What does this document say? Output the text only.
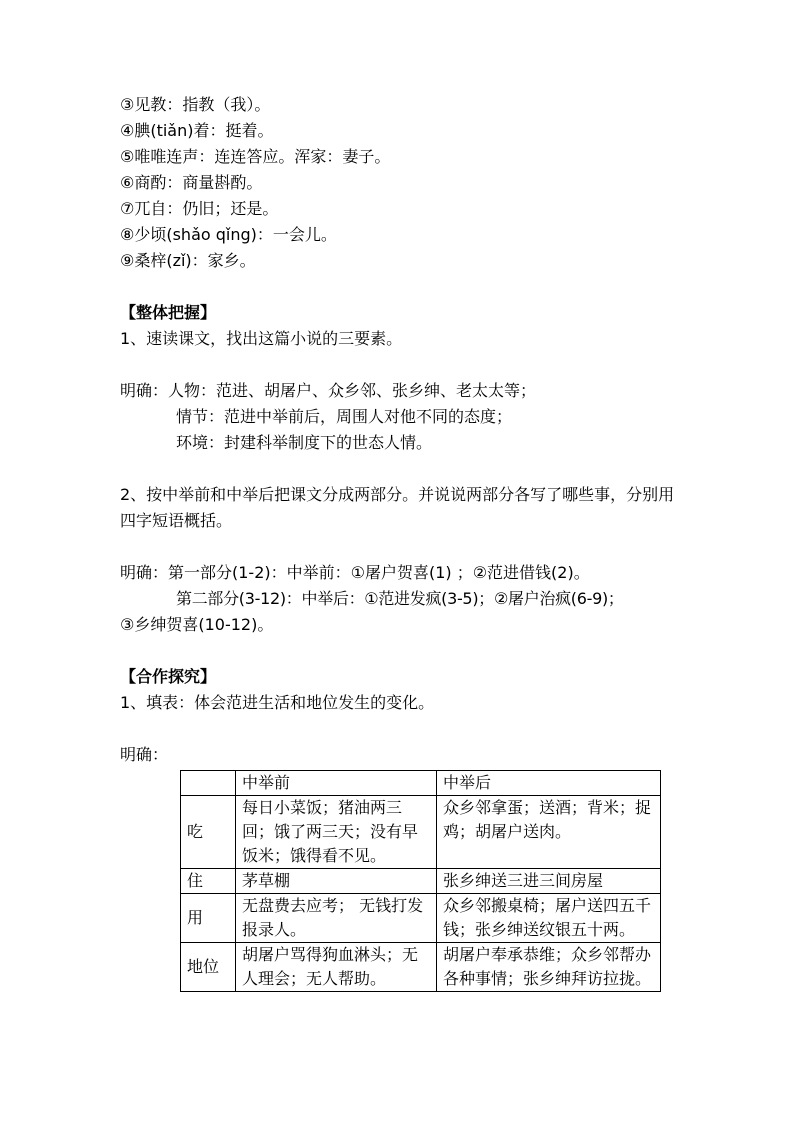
③见教：指教（我）。
④腆(tiǎn)着：挺着。
⑤唯唯连声：连连答应。浑家：妻子。
⑥商酌：商量斟酌。
⑦兀自：仍旧；还是。
⑧少顷(shǎo qǐng)：一会儿。
⑨桑梓(zǐ)：家乡。
【整体把握】
1、速读课文，找出这篇小说的三要素。
明确：人物：范进、胡屠户、众乡邻、张乡绅、老太太等；
情节：范进中举前后，周围人对他不同的态度；
环境：封建科举制度下的世态人情。
2、按中举前和中举后把课文分成两部分。并说说两部分各写了哪些事，分别用四字短语概括。
明确：第一部分(1-2)：中举前：①屠户贺喜(1) ；②范进借钱(2)。
第二部分(3-12)：中举后：①范进发疯(3-5)；②屠户治疯(6-9)；
③乡绅贺喜(10-12)。
【合作探究】
1、填表：体会范进生活和地位发生的变化。
明确：
	中举前	中举后
吃	每日小菜饭；猪油两三回；饿了两三天；没有早饭米；饿得看不见。	众乡邻拿蛋；送酒；背米；捉鸡；胡屠户送肉。
住	茅草棚	张乡绅送三进三间房屋
用	无盘费去应考； 无钱打发报录人。	众乡邻搬桌椅；屠户送四五千钱；张乡绅送纹银五十两。
地位	胡屠户骂得狗血淋头；无人理会；无人帮助。	胡屠户奉承恭维；众乡邻帮办各种事情；张乡绅拜访拉拢。
